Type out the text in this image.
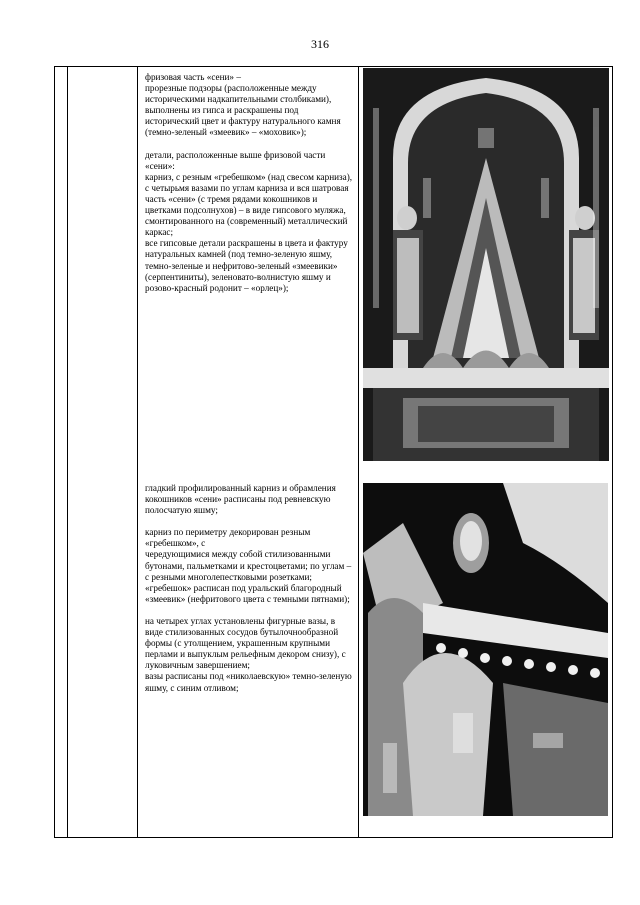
316

фризовая часть «сени» –
прорезные подзоры (расположенные между историческими надкапительными столбиками), выполнены из гипса и раскрашены под исторический цвет и фактуру натурального камня (темно-зеленый «змеевик» – «моховик»);

детали, расположенные выше фризовой части «сени»:
карниз, с резным «гребешком» (над свесом карниза), с четырьмя вазами по углам карниза и вся шатровая часть «сени» (с тремя рядами кокошников и цветками подсолнухов) – в виде гипсового муляжа, смонтированного на (современный) металлический каркас;
все гипсовые детали раскрашены в цвета и фактуру натуральных камней (под темно-зеленую яшму, темно-зеленые и нефритово-зеленый «змеевики» (серпентиниты), зеленовато-волнистую яшму и розово-красный родонит – «орлец»);

гладкий профилированный карниз и обрамления кокошников «сени» расписаны под ревневскую полосчатую яшму;

карниз по периметру декорирован резным «гребешком», с
чередующимися между собой стилизованными бутонами, пальметками и крестоцветами; по углам – с резными многолепестковыми розетками;
«гребешок» расписан под уральский благородный «змеевик» (нефритового цвета с темными пятнами);

на четырех углах установлены фигурные вазы, в виде стилизованных сосудов бутылочнообразной формы (с утолщением, украшенным крупными перлами и выпуклым рельефным декором снизу), с луковичным завершением;
вазы расписаны под «николаевскую» темно-зеленую яшму, с синим отливом;
